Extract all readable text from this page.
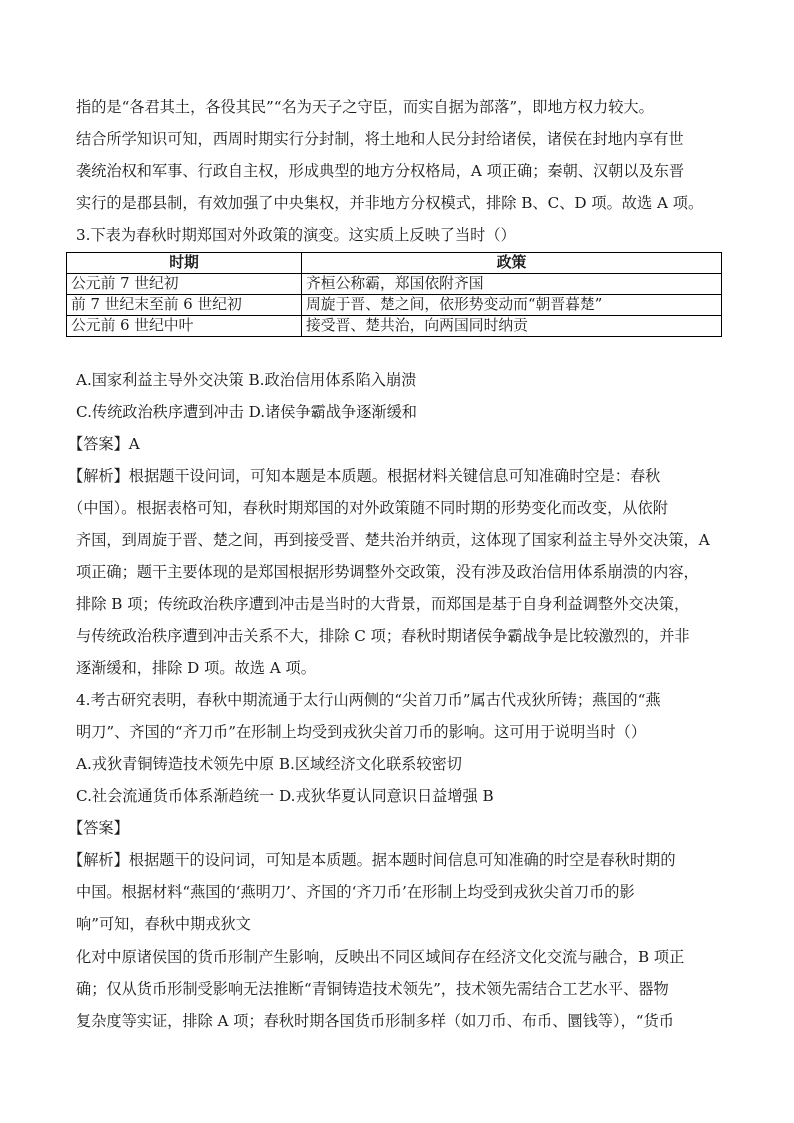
指的是“各君其土，各役其民”“名为天子之守臣，而实自据为部落”，即地方权力较大。
结合所学知识可知，西周时期实行分封制，将土地和人民分封给诸侯，诸侯在封地内享有世
袭统治权和军事、行政自主权，形成典型的地方分权格局，A 项正确；秦朝、汉朝以及东晋
实行的是郡县制，有效加强了中央集权，并非地方分权模式，排除 B、C、D 项。故选 A 项。
3.下表为春秋时期郑国对外政策的演变。这实质上反映了当时（）
时期	政策
公元前 7 世纪初	齐桓公称霸，郑国依附齐国
前 7 世纪末至前 6 世纪初	周旋于晋、楚之间，依形势变动而“朝晋暮楚”
公元前 6 世纪中叶	接受晋、楚共治，向两国同时纳贡
A.国家利益主导外交决策 B.政治信用体系陷入崩溃
C.传统政治秩序遭到冲击 D.诸侯争霸战争逐渐缓和
【答案】A
【解析】根据题干设问词，可知本题是本质题。根据材料关键信息可知准确时空是：春秋
（中国）。根据表格可知，春秋时期郑国的对外政策随不同时期的形势变化而改变，从依附
齐国，到周旋于晋、楚之间，再到接受晋、楚共治并纳贡，这体现了国家利益主导外交决策，A
项正确；题干主要体现的是郑国根据形势调整外交政策，没有涉及政治信用体系崩溃的内容，
排除 B 项；传统政治秩序遭到冲击是当时的大背景，而郑国是基于自身利益调整外交决策，
与传统政治秩序遭到冲击关系不大，排除 C 项；春秋时期诸侯争霸战争是比较激烈的，并非
逐渐缓和，排除 D 项。故选 A 项。
4.考古研究表明，春秋中期流通于太行山两侧的“尖首刀币”属古代戎狄所铸；燕国的“燕
明刀”、齐国的“齐刀币”在形制上均受到戎狄尖首刀币的影响。这可用于说明当时（）
A.戎狄青铜铸造技术领先中原 B.区域经济文化联系较密切
C.社会流通货币体系渐趋统一 D.戎狄华夏认同意识日益增强 B
【答案】
【解析】根据题干的设问词，可知是本质题。据本题时间信息可知准确的时空是春秋时期的
中国。根据材料“燕国的‘燕明刀’、齐国的‘齐刀币’在形制上均受到戎狄尖首刀币的影
响”可知，春秋中期戎狄文
化对中原诸侯国的货币形制产生影响，反映出不同区域间存在经济文化交流与融合，B 项正
确；仅从货币形制受影响无法推断“青铜铸造技术领先”，技术领先需结合工艺水平、器物
复杂度等实证，排除 A 项；春秋时期各国货币形制多样（如刀币、布币、圜钱等），“货币
